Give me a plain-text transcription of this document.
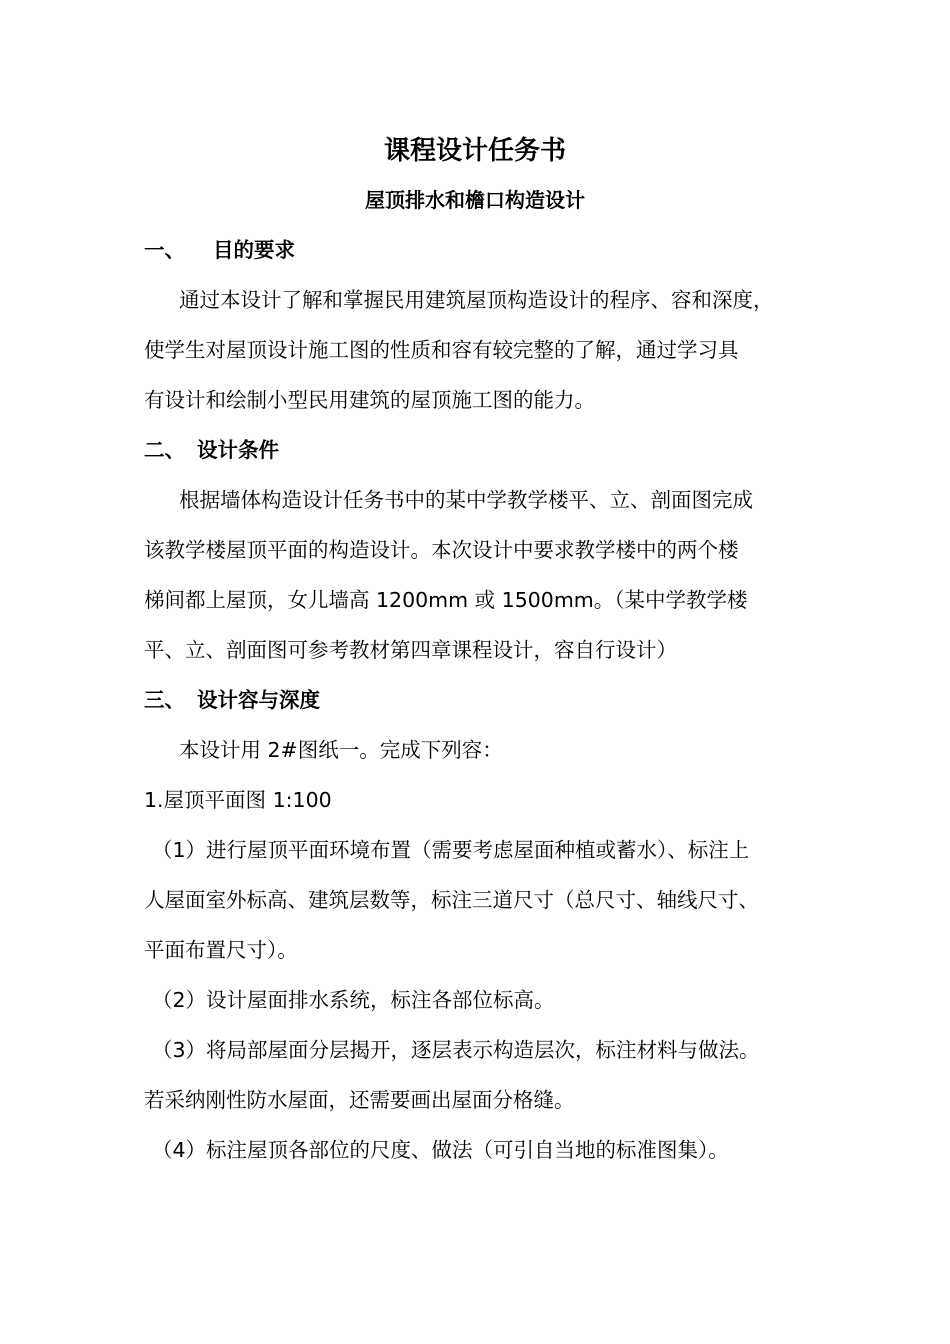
课程设计任务书
屋顶排水和檐口构造设计
一、 目的要求
通过本设计了解和掌握民用建筑屋顶构造设计的程序、容和深度，
使学生对屋顶设计施工图的性质和容有较完整的了解，通过学习具
有设计和绘制小型民用建筑的屋顶施工图的能力。
二、 设计条件
根据墙体构造设计任务书中的某中学教学楼平、立、剖面图完成
该教学楼屋顶平面的构造设计。本次设计中要求教学楼中的两个楼
梯间都上屋顶，女儿墙高 1200mm 或 1500mm。（某中学教学楼
平、立、剖面图可参考教材第四章课程设计，容自行设计）
三、 设计容与深度
本设计用 2#图纸一。完成下列容：
1.屋顶平面图 1:100
（1）进行屋顶平面环境布置（需要考虑屋面种植或蓄水）、标注上
人屋面室外标高、建筑层数等，标注三道尺寸（总尺寸、轴线尺寸、
平面布置尺寸）。
（2）设计屋面排水系统，标注各部位标高。
（3）将局部屋面分层揭开，逐层表示构造层次，标注材料与做法。
若采纳刚性防水屋面，还需要画出屋面分格缝。
（4）标注屋顶各部位的尺度、做法（可引自当地的标准图集）。
